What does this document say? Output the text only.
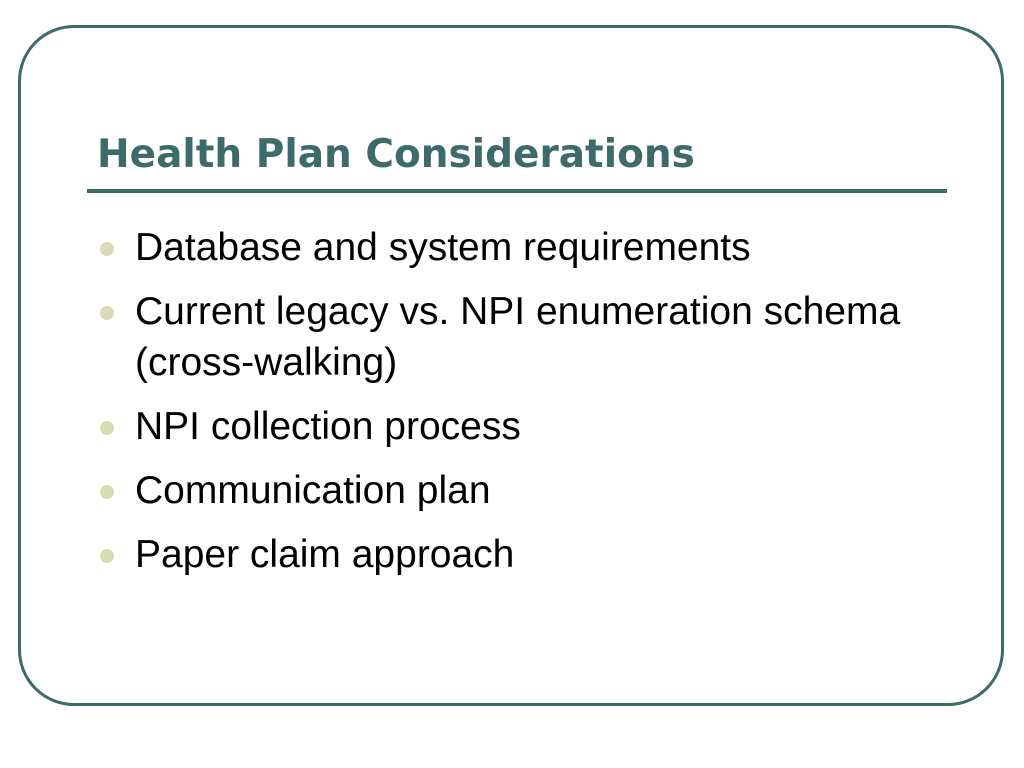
Health Plan Considerations
Database and system requirements
Current legacy vs. NPI enumeration schema (cross-walking)
NPI collection process
Communication plan
Paper claim approach
